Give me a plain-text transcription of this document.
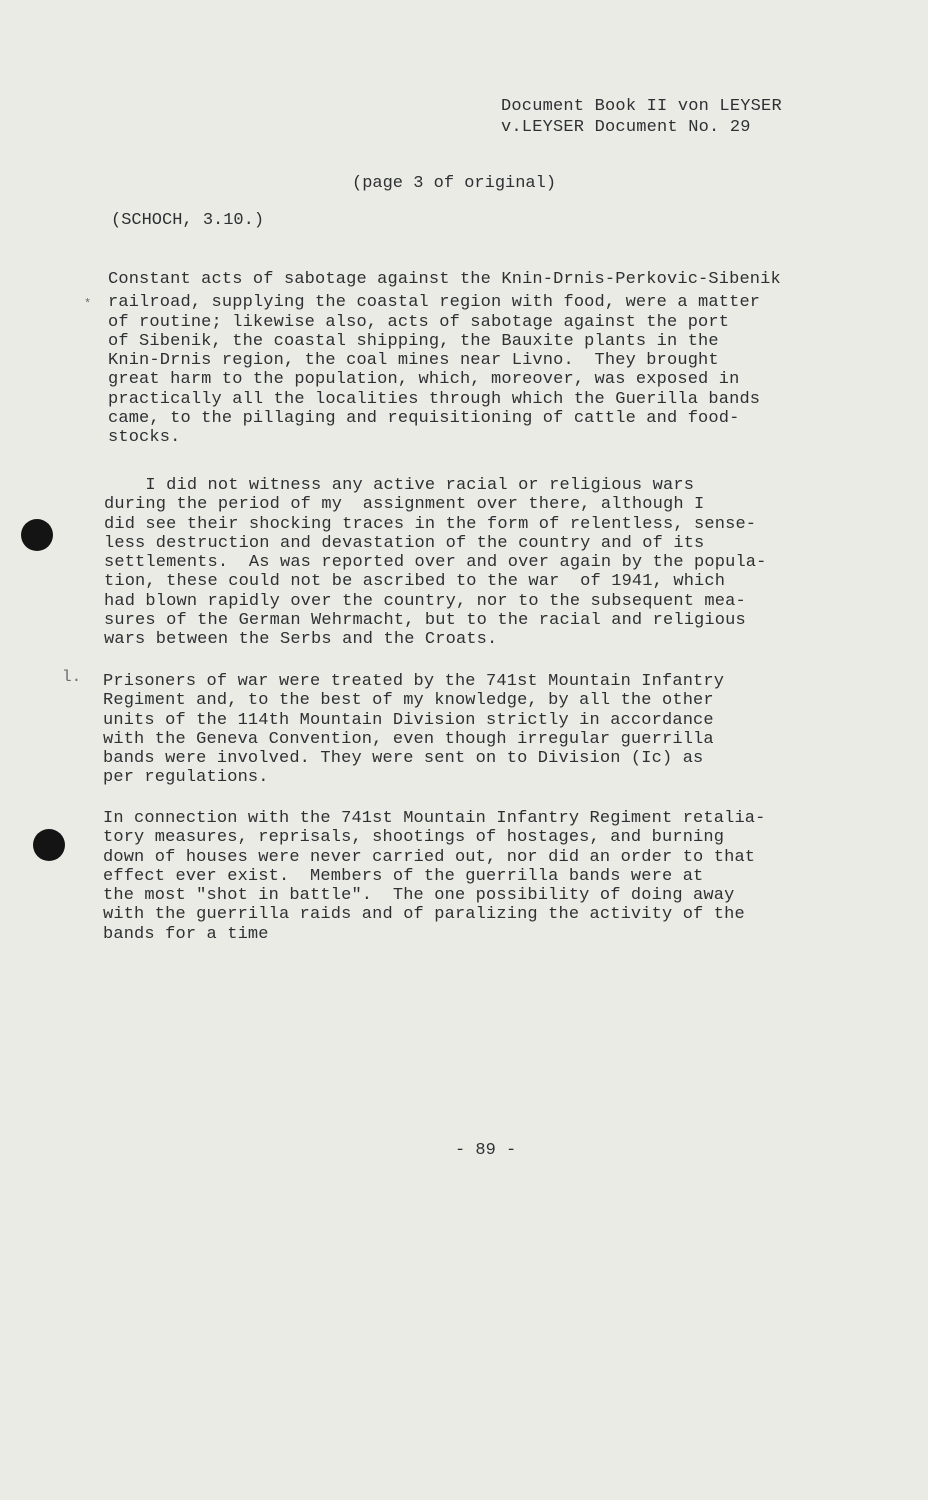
Document Book II von LEYSER
v.LEYSER Document No. 29
(page 3 of original)
(SCHOCH, 3.10.)
*
Constant acts of sabotage against the Knin-Drnis-Perkovic-Sibenik
railroad, supplying the coastal region with food, were a matter
of routine; likewise also, acts of sabotage against the port
of Sibenik, the coastal shipping, the Bauxite plants in the
Knin-Drnis region, the coal mines near Livno.  They brought
great harm to the population, which, moreover, was exposed in
practically all the localities through which the Guerilla bands
came, to the pillaging and requisitioning of cattle and food-
stocks.
I did not witness any active racial or religious wars
during the period of my  assignment over there, although I
did see their shocking traces in the form of relentless, sense-
less destruction and devastation of the country and of its
settlements.  As was reported over and over again by the popula-
tion, these could not be ascribed to the war  of 1941, which
had blown rapidly over the country, nor to the subsequent mea-
sures of the German Wehrmacht, but to the racial and religious
wars between the Serbs and the Croats.
l. Prisoners of war were treated by the 741st Mountain Infantry
Regiment and, to the best of my knowledge, by all the other
units of the 114th Mountain Division strictly in accordance
with the Geneva Convention, even though irregular guerrilla
bands were involved. They were sent on to Division (Ic) as
per regulations.
In connection with the 741st Mountain Infantry Regiment retalia-
tory measures, reprisals, shootings of hostages, and burning
down of houses were never carried out, nor did an order to that
effect ever exist.  Members of the guerrilla bands were at
the most "shot in battle".  The one possibility of doing away
with the guerrilla raids and of paralizing the activity of the
bands for a time
- 89 -
